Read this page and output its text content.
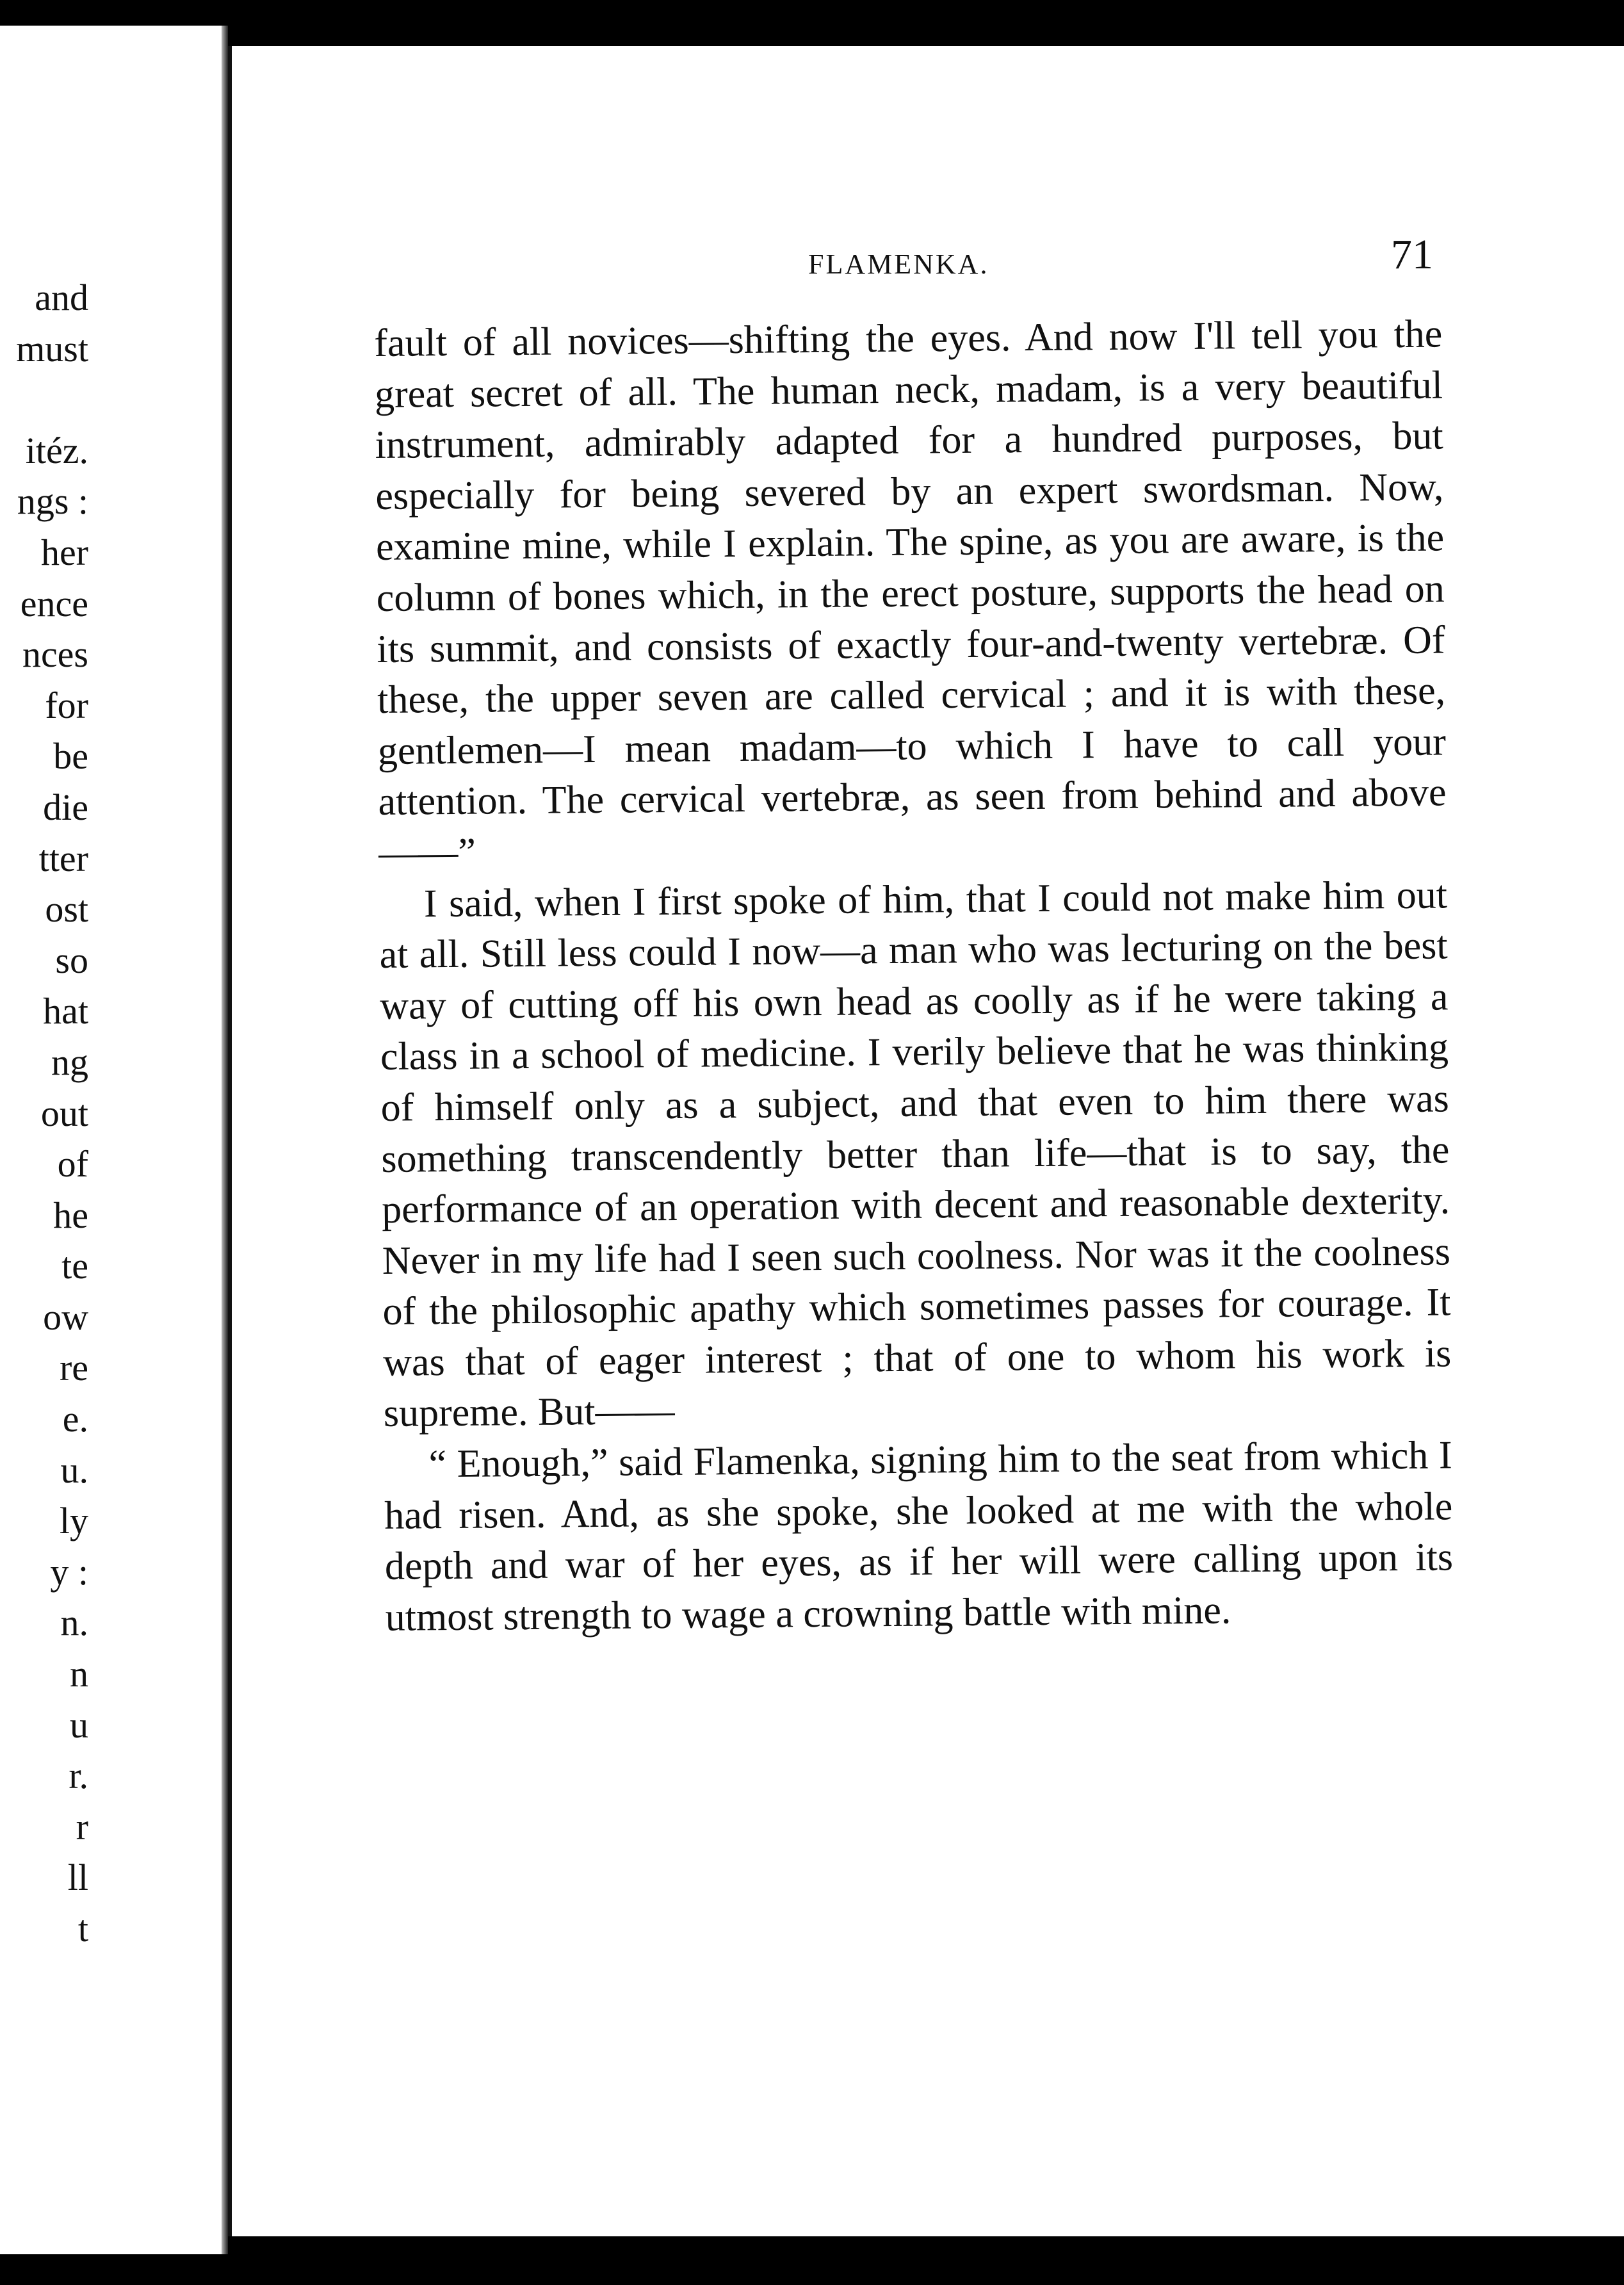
and
must
itéz.
ngs :
her
ence
nces
for
be
die
tter
ost
so
hat
ng
out
of
he
te
ow
re
e.
u.
ly
y :
n.
n
u
r.
r
ll
t
FLAMENKA.	71

fault of all novices—shifting the eyes. And now I'll tell you the great secret of all. The human neck, madam, is a very beautiful instrument, admirably adapted for a hundred purposes, but especially for being severed by an expert swordsman. Now, examine mine, while I explain. The spine, as you are aware, is the column of bones which, in the erect posture, supports the head on its summit, and consists of exactly four-and-twenty vertebræ. Of these, the upper seven are called cervical ; and it is with these, gentlemen—I mean madam—to which I have to call your attention. The cervical vertebræ, as seen from behind and above——”

I said, when I first spoke of him, that I could not make him out at all. Still less could I now—a man who was lecturing on the best way of cutting off his own head as coolly as if he were taking a class in a school of medicine. I verily believe that he was thinking of himself only as a subject, and that even to him there was something transcendently better than life—that is to say, the performance of an operation with decent and reasonable dexterity. Never in my life had I seen such coolness. Nor was it the coolness of the philosophic apathy which sometimes passes for courage. It was that of eager interest ; that of one to whom his work is supreme. But——

“ Enough,” said Flamenka, signing him to the seat from which I had risen. And, as she spoke, she looked at me with the whole depth and war of her eyes, as if her will were calling upon its utmost strength to wage a crowning battle with mine.
